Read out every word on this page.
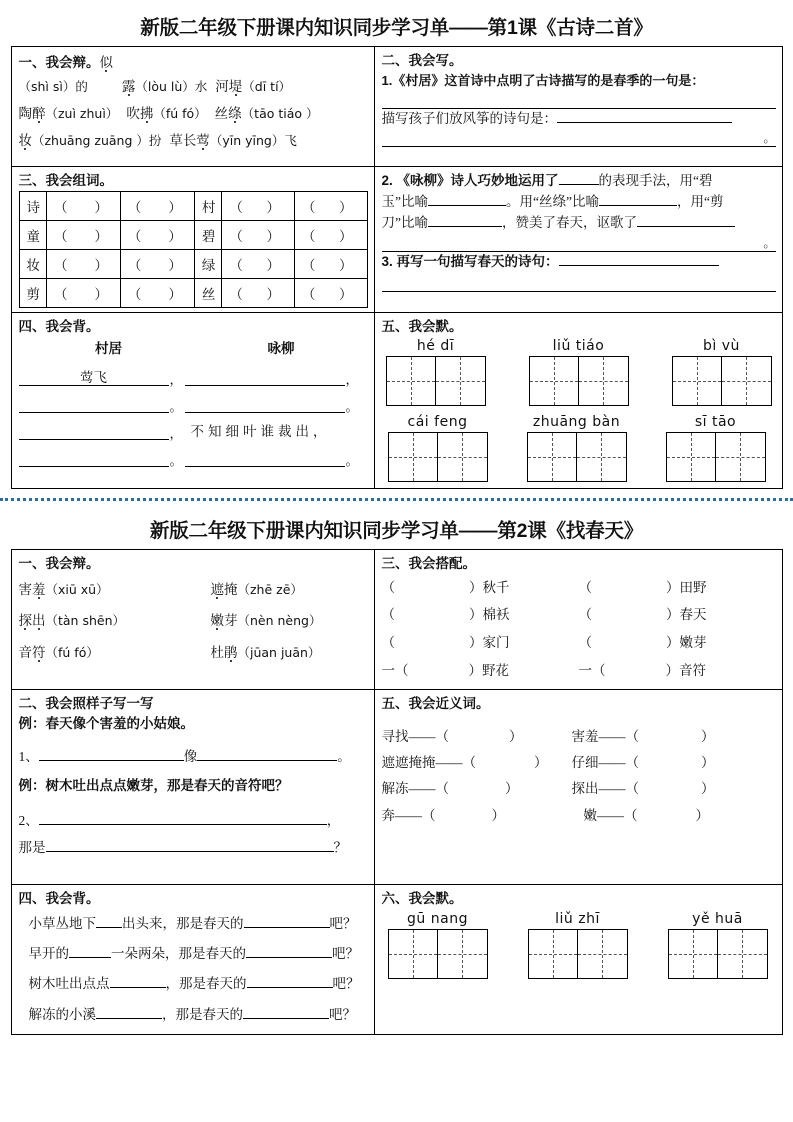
新版二年级下册课内知识同步学习单——第1课《古诗二首》
一、我会辩。似
（shì sì）的	露（lòu lù）水 河堤（dī tí）
陶醉（zuì zhuì） 吹拂（fú fó） 丝绦（tāo tiáo ）
妆（zhuāng zuāng ）扮 草长莺（yīn yīng）飞

二、我会写。
1.《村居》这首诗中点明了古诗描写的是春季的一句是：
描写孩子们放风筝的诗句是：
。

三、我会组词。
诗	（        ）	（        ）	村	（       ）	（       ）
童	（        ）	（        ）	碧	（       ）	（       ）
妆	（        ）	（        ）	绿	（       ）	（       ）
剪	（        ）	（        ）	丝	（       ）	（       ）

2. 《咏柳》诗人巧妙地运用了	的表现手法，用“碧
玉”比喻	。用“丝绦”比喻	，用“剪
刀”比喻	，赞美了春天，讴歌了
。
3. 再写一句描写春天的诗句：

四、我会背。
村居	咏柳
莺飞	，	，
。	。
， 不知细叶谁裁出，
。	。

五、我会默。
hé dī	liǔ tiáo	bì vù
cái feng	zhuāng bàn	sī tāo
新版二年级下册课内知识同步学习单——第2课《找春天》
一、我会辩。
害羞（xiū xū）	遮掩（zhē zē）
探出（tàn shēn）	嫩芽（nèn nèng）
音符（fú fó）	杜鹃（jūan juān）

三、我会搭配。
（	）秋千	（	）田野
（	）棉袄	（	）春天
（	）家门	（	）嫩芽
一（	）野花	一（	）音符

二、我会照样子写一写
例：春天像个害羞的小姑娘。
1、	像	。
例：树木吐出点点嫩芽，那是春天的音符吧？
2、	，
那是	？

五、我会近义词。
寻找——（	）	害羞——（	）
遮遮掩掩——（	）	仔细——（	）
解冻——（	）	探出——（	）
奔——（	）	嫩——（	）

四、我会背。
小草丛地下 出头来，那是春天的	吧？
早开的	一朵两朵，那是春天的	吧？
树木吐出点点	，那是春天的	吧？
解冻的小溪	，那是春天的	吧？

六、我会默。
gū nang	liǔ zhī	yě huā
